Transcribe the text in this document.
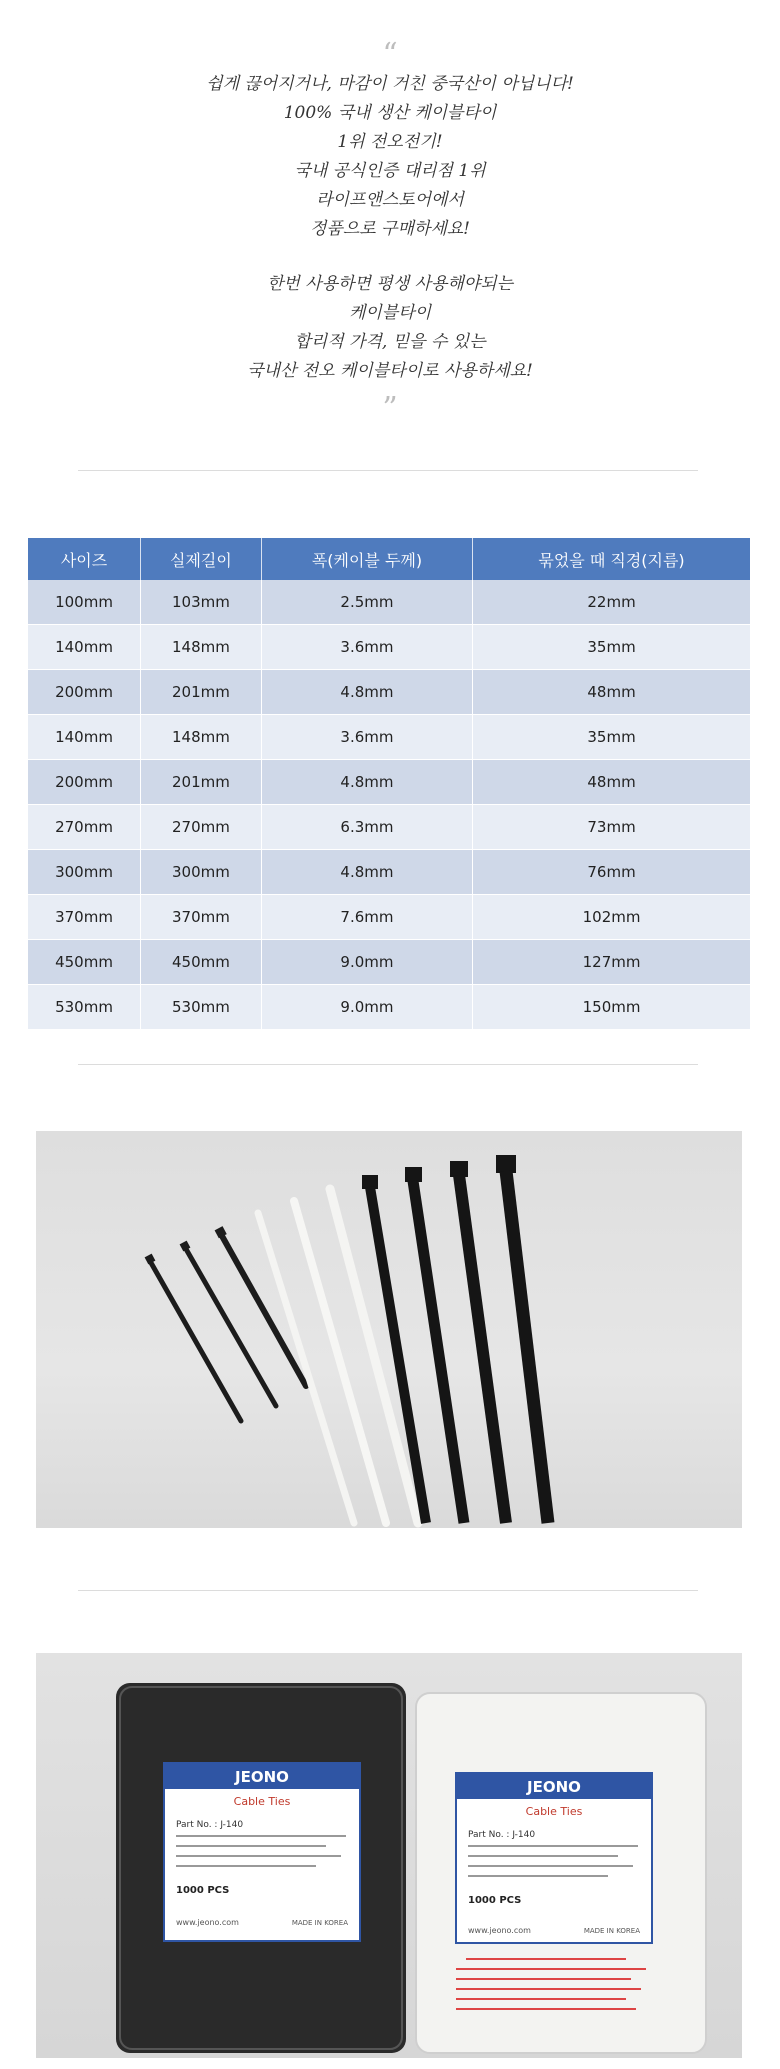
“
쉽게 끊어지거나, 마감이 거친 중국산이 아닙니다!
100% 국내 생산 케이블타이
1위 전오전기!
국내 공식인증 대리점 1위
라이프앤스토어에서
정품으로 구매하세요!
한번 사용하면 평생 사용해야되는
케이블타이
합리적 가격, 믿을 수 있는
국내산 전오 케이블타이로 사용하세요!
”
사이즈	실제길이	폭(케이블 두께)	묶었을 때 직경(지름)
100mm	103mm	2.5mm	22mm
140mm	148mm	3.6mm	35mm
200mm	201mm	4.8mm	48mm
140mm	148mm	3.6mm	35mm
200mm	201mm	4.8mm	48mm
270mm	270mm	6.3mm	73mm
300mm	300mm	4.8mm	76mm
370mm	370mm	7.6mm	102mm
450mm	450mm	9.0mm	127mm
530mm	530mm	9.0mm	150mm
JEONO
Cable Ties
Part No. : J-140
1000 PCS
www.jeono.com	MADE IN KOREA
JEONO
Cable Ties
Part No. : J-140
1000 PCS
www.jeono.com	MADE IN KOREA
